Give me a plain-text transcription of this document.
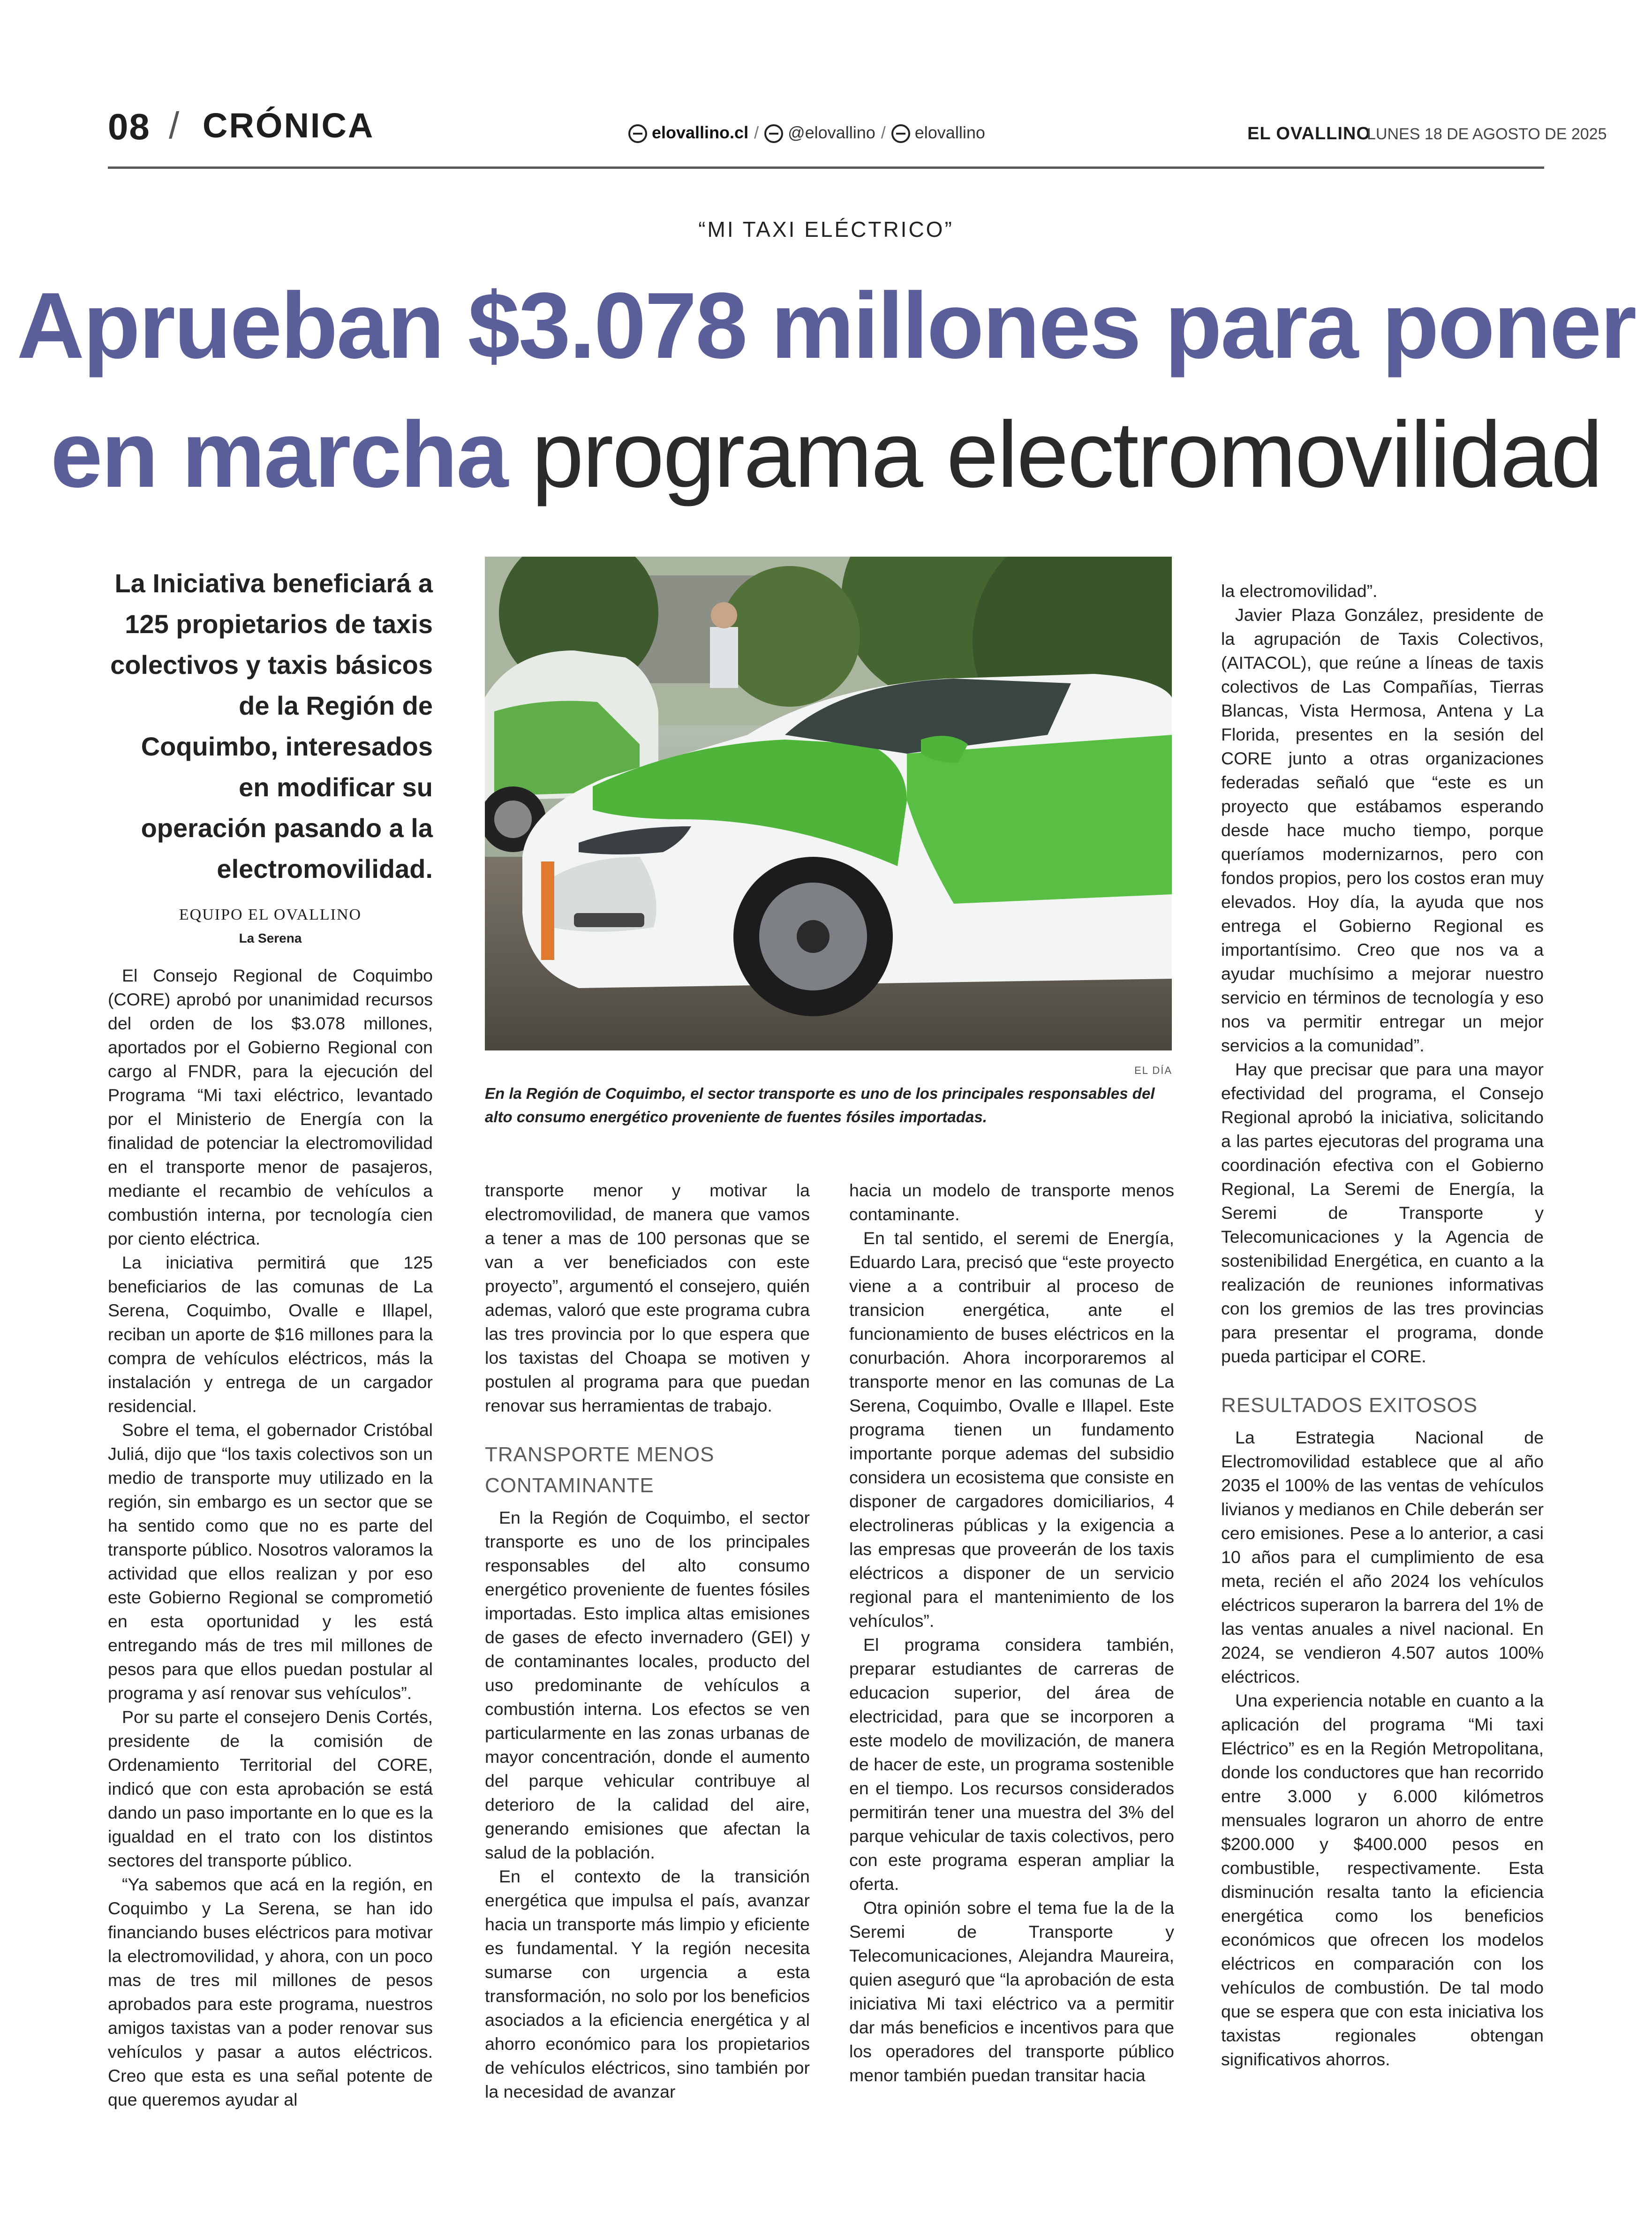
08 / CRÓNICA	elovallino.cl / @elovallino / elovallino	EL OVALLINO
LUNES 18 DE AGOSTO DE 2025
“MI TAXI ELÉCTRICO”
Aprueban $3.078 millones para poner
en marcha programa electromovilidad
La Iniciativa beneficiará a 125 propietarios de taxis colectivos y taxis básicos de la Región de Coquimbo, interesados en modificar su operación pasando a la electromovilidad.
EQUIPO EL OVALLINO
La Serena
EL DÍA
En la Región de Coquimbo, el sector transporte es uno de los principales responsables del alto consumo energético proveniente de fuentes fósiles importadas.

El Consejo Regional de Coquimbo (CORE) aprobó por unanimidad recursos del orden de los $3.078 millones, aportados por el Gobierno Regional con cargo al FNDR, para la ejecución del Programa “Mi taxi eléctrico, levantado por el Ministerio de Energía con la finalidad de potenciar la electromovilidad en el transporte menor de pasajeros, mediante el recambio de vehículos a combustión interna, por tecnología cien por ciento eléctrica.

La iniciativa permitirá que 125 beneficiarios de las comunas de La Serena, Coquimbo, Ovalle e Illapel, reciban un aporte de $16 millones para la compra de vehículos eléctricos, más la instalación y entrega de un cargador residencial.

Sobre el tema, el gobernador Cristóbal Juliá, dijo que “los taxis colectivos son un medio de transporte muy utilizado en la región, sin embargo es un sector que se ha sentido como que no es parte del transporte público. Nosotros valoramos la actividad que ellos realizan y por eso este Gobierno Regional se comprometió en esta oportunidad y les está entregando más de tres mil millones de pesos para que ellos puedan postular al programa y así renovar sus vehículos”.

Por su parte el consejero Denis Cortés, presidente de la comisión de Ordenamiento Territorial del CORE, indicó que con esta aprobación se está dando un paso importante en lo que es la igualdad en el trato con los distintos sectores del transporte público.

“Ya sabemos que acá en la región, en Coquimbo y La Serena, se han ido financiando buses eléctricos para motivar la electromovilidad, y ahora, con un poco mas de tres mil millones de pesos aprobados para este programa, nuestros amigos taxistas van a poder renovar sus vehículos y pasar a autos eléctricos. Creo que esta es una señal potente de que queremos ayudar al

transporte menor y motivar la electromovilidad, de manera que vamos a tener a mas de 100 personas que se van a ver beneficiados con este proyecto”, argumentó el consejero, quién ademas, valoró que este programa cubra las tres provincia por lo que espera que los taxistas del Choapa se motiven y postulen al programa para que puedan renovar sus herramientas de trabajo.

TRANSPORTE MENOS CONTAMINANTE

En la Región de Coquimbo, el sector transporte es uno de los principales responsables del alto consumo energético proveniente de fuentes fósiles importadas. Esto implica altas emisiones de gases de efecto invernadero (GEI) y de contaminantes locales, producto del uso predominante de vehículos a combustión interna. Los efectos se ven particularmente en las zonas urbanas de mayor concentración, donde el aumento del parque vehicular contribuye al deterioro de la calidad del aire, generando emisiones que afectan la salud de la población.

En el contexto de la transición energética que impulsa el país, avanzar hacia un transporte más limpio y eficiente es fundamental. Y la región necesita sumarse con urgencia a esta transformación, no solo por los beneficios asociados a la eficiencia energética y al ahorro económico para los propietarios de vehículos eléctricos, sino también por la necesidad de avanzar

hacia un modelo de transporte menos contaminante.

En tal sentido, el seremi de Energía, Eduardo Lara, precisó que “este proyecto viene a a contribuir al proceso de transicion energética, ante el funcionamiento de buses eléctricos en la conurbación. Ahora incorporaremos al transporte menor en las comunas de La Serena, Coquimbo, Ovalle e Illapel. Este programa tienen un fundamento importante porque ademas del subsidio considera un ecosistema que consiste en disponer de cargadores domiciliarios, 4 electrolineras públicas y la exigencia a las empresas que proveerán de los taxis eléctricos a disponer de un servicio regional para el mantenimiento de los vehículos”.

El programa considera también, preparar estudiantes de carreras de educacion superior, del área de electricidad, para que se incorporen a este modelo de movilización, de manera de hacer de este, un programa sostenible en el tiempo. Los recursos considerados permitirán tener una muestra del 3% del parque vehicular de taxis colectivos, pero con este programa esperan ampliar la oferta.

Otra opinión sobre el tema fue la de la Seremi de Transporte y Telecomunicaciones, Alejandra Maureira, quien aseguró que “la aprobación de esta iniciativa Mi taxi eléctrico va a permitir dar más beneficios e incentivos para que los operadores del transporte público menor también puedan transitar hacia

la electromovilidad”.

Javier Plaza González, presidente de la agrupación de Taxis Colectivos, (AITACOL), que reúne a líneas de taxis colectivos de Las Compañías, Tierras Blancas, Vista Hermosa, Antena y La Florida, presentes en la sesión del CORE junto a otras organizaciones federadas señaló que “este es un proyecto que estábamos esperando desde hace mucho tiempo, porque queríamos modernizarnos, pero con fondos propios, pero los costos eran muy elevados. Hoy día, la ayuda que nos entrega el Gobierno Regional es importantísimo. Creo que nos va a ayudar muchísimo a mejorar nuestro servicio en términos de tecnología y eso nos va permitir entregar un mejor servicios a la comunidad”.

Hay que precisar que para una mayor efectividad del programa, el Consejo Regional aprobó la iniciativa, solicitando a las partes ejecutoras del programa una coordinación efectiva con el Gobierno Regional, La Seremi de Energía, la Seremi de Transporte y Telecomunicaciones y la Agencia de sostenibilidad Energética, en cuanto a la realización de reuniones informativas con los gremios de las tres provincias para presentar el programa, donde pueda participar el CORE.

RESULTADOS EXITOSOS

La Estrategia Nacional de Electromovilidad establece que al año 2035 el 100% de las ventas de vehículos livianos y medianos en Chile deberán ser cero emisiones. Pese a lo anterior, a casi 10 años para el cumplimiento de esa meta, recién el año 2024 los vehículos eléctricos superaron la barrera del 1% de las ventas anuales a nivel nacional. En 2024, se vendieron 4.507 autos 100% eléctricos.

Una experiencia notable en cuanto a la aplicación del programa “Mi taxi Eléctrico” es en la Región Metropolitana, donde los conductores que han recorrido entre 3.000 y 6.000 kilómetros mensuales lograron un ahorro de entre $200.000 y $400.000 pesos en combustible, respectivamente. Esta disminución resalta tanto la eficiencia energética como los beneficios económicos que ofrecen los modelos eléctricos en comparación con los vehículos de combustión. De tal modo que se espera que con esta iniciativa los taxistas regionales obtengan significativos ahorros.
